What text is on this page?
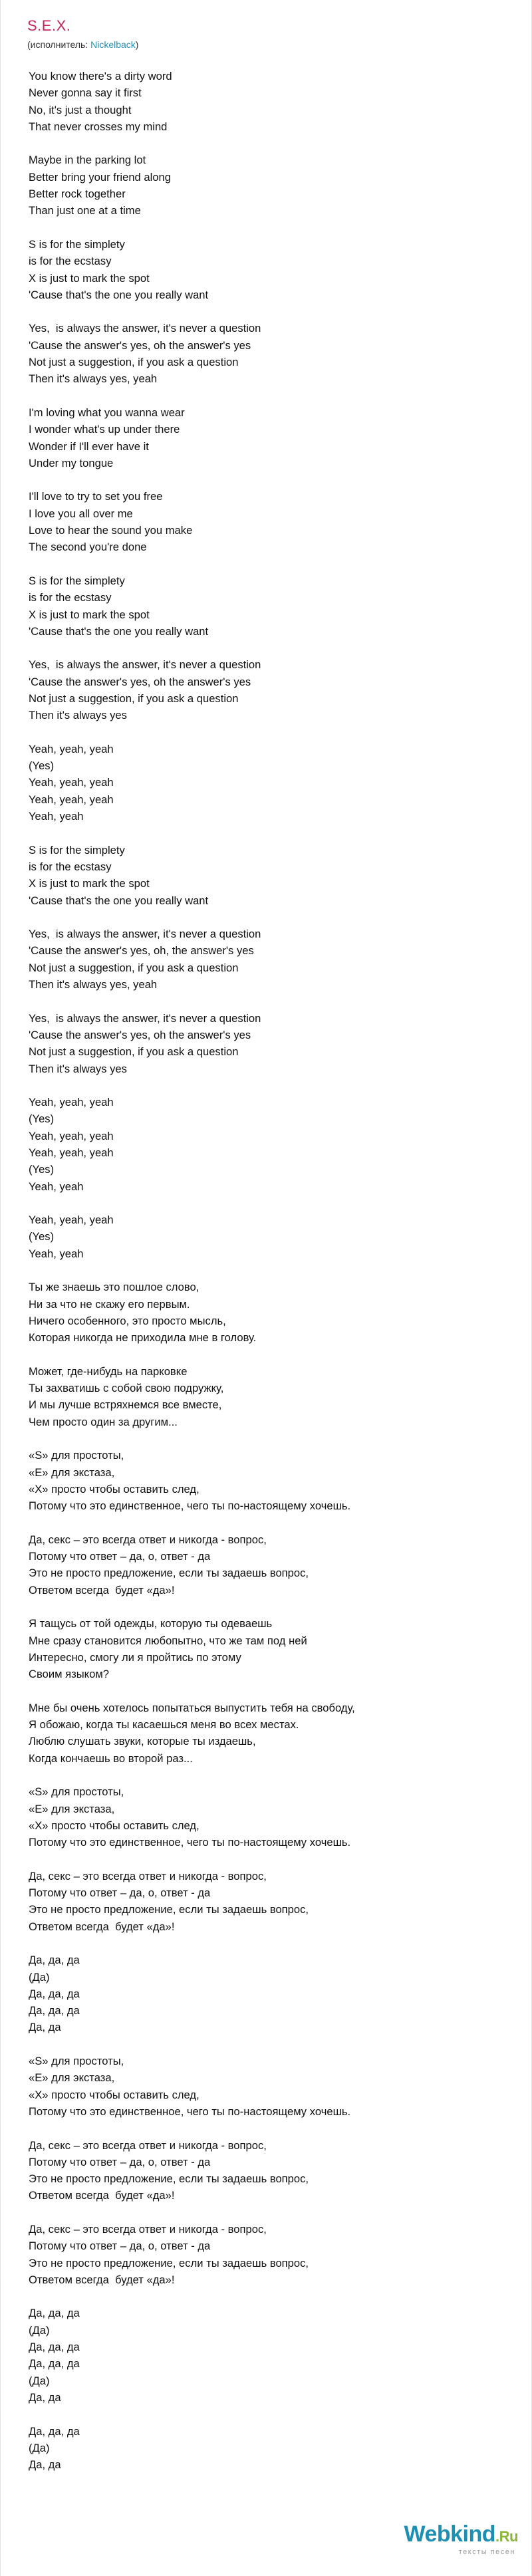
S.E.X.
(исполнитель: Nickelback)
You know there's a dirty word
Never gonna say it first
No, it's just a thought
That never crosses my mind
Maybe in the parking lot
Better bring your friend along
Better rock together
Than just one at a time
S is for the simplety
is for the ecstasy
X is just to mark the spot
'Cause that's the one you really want
Yes,  is always the answer, it's never a question
'Cause the answer's yes, oh the answer's yes
Not just a suggestion, if you ask a question
Then it's always yes, yeah
I'm loving what you wanna wear
I wonder what's up under there
Wonder if I'll ever have it
Under my tongue
I'll love to try to set you free
I love you all over me
Love to hear the sound you make
The second you're done
S is for the simplety
is for the ecstasy
X is just to mark the spot
'Cause that's the one you really want
Yes,  is always the answer, it's never a question
'Cause the answer's yes, oh the answer's yes
Not just a suggestion, if you ask a question
Then it's always yes
Yeah, yeah, yeah
(Yes)
Yeah, yeah, yeah
Yeah, yeah, yeah
Yeah, yeah
S is for the simplety
is for the ecstasy
X is just to mark the spot
'Cause that's the one you really want
Yes,  is always the answer, it's never a question
'Cause the answer's yes, oh, the answer's yes
Not just a suggestion, if you ask a question
Then it's always yes, yeah
Yes,  is always the answer, it's never a question
'Cause the answer's yes, oh the answer's yes
Not just a suggestion, if you ask a question
Then it's always yes
Yeah, yeah, yeah
(Yes)
Yeah, yeah, yeah
Yeah, yeah, yeah
(Yes)
Yeah, yeah
Yeah, yeah, yeah
(Yes)
Yeah, yeah
Ты же знаешь это пошлое слово,
Ни за что не скажу его первым.
Ничего особенного, это просто мысль,
Которая никогда не приходила мне в голову.
Может, где-нибудь на парковке
Ты захватишь с собой свою подружку,
И мы лучше встряхнемся все вместе,
Чем просто один за другим...
«S» для простоты,
«E» для экстаза,
«X» просто чтобы оставить след,
Потому что это единственное, чего ты по-настоящему хочешь.
Да, секс – это всегда ответ и никогда - вопрос,
Потому что ответ – да, о, ответ - да
Это не просто предложение, если ты задаешь вопрос,
Ответом всегда  будет «да»!
Я тащусь от той одежды, которую ты одеваешь
Мне сразу становится любопытно, что же там под ней
Интересно, смогу ли я пройтись по этому
Своим языком?
Мне бы очень хотелось попытаться выпустить тебя на свободу,
Я обожаю, когда ты касаешься меня во всех местах.
Люблю слушать звуки, которые ты издаешь,
Когда кончаешь во второй раз...
«S» для простоты,
«E» для экстаза,
«X» просто чтобы оставить след,
Потому что это единственное, чего ты по-настоящему хочешь.
Да, секс – это всегда ответ и никогда - вопрос,
Потому что ответ – да, о, ответ - да
Это не просто предложение, если ты задаешь вопрос,
Ответом всегда  будет «да»!
Да, да, да
(Да)
Да, да, да
Да, да, да
Да, да
«S» для простоты,
«E» для экстаза,
«X» просто чтобы оставить след,
Потому что это единственное, чего ты по-настоящему хочешь.
Да, секс – это всегда ответ и никогда - вопрос,
Потому что ответ – да, о, ответ - да
Это не просто предложение, если ты задаешь вопрос,
Ответом всегда  будет «да»!
Да, секс – это всегда ответ и никогда - вопрос,
Потому что ответ – да, о, ответ - да
Это не просто предложение, если ты задаешь вопрос,
Ответом всегда  будет «да»!
Да, да, да
(Да)
Да, да, да
Да, да, да
(Да)
Да, да
Да, да, да
(Да)
Да, да
Webkind.Ru
тексты песен
